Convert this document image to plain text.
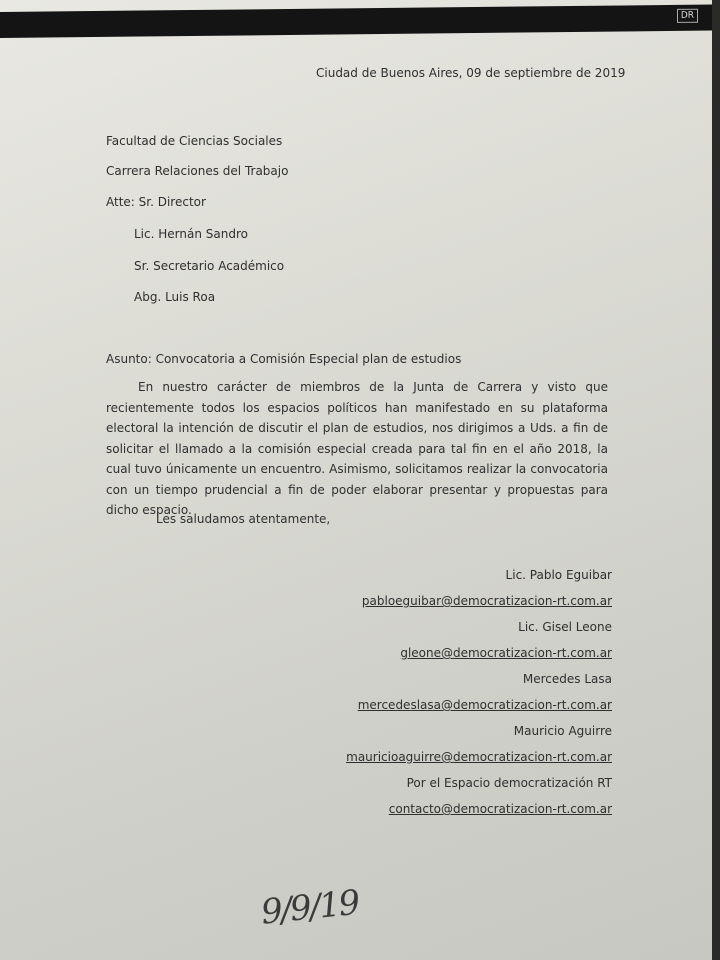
DR
Ciudad de Buenos Aires, 09 de septiembre de 2019
Facultad de Ciencias Sociales
Carrera Relaciones del Trabajo
Atte: Sr. Director
Lic. Hernán Sandro
Sr. Secretario Académico
Abg. Luis Roa
Asunto: Convocatoria a Comisión Especial plan de estudios
En nuestro carácter de miembros de la Junta de Carrera y visto que recientemente todos los espacios políticos han manifestado en su plataforma electoral la intención de discutir el plan de estudios, nos dirigimos a Uds. a fin de solicitar el llamado a la comisión especial creada para tal fin en el año 2018, la cual tuvo únicamente un encuentro. Asimismo, solicitamos realizar la convocatoria con un tiempo prudencial a fin de poder elaborar presentar y propuestas para dicho espacio.
Les saludamos atentamente,
Lic. Pablo Eguibar
pabloeguibar@democratizacion-rt.com.ar
Lic. Gisel Leone
gleone@democratizacion-rt.com.ar
Mercedes Lasa
mercedeslasa@democratizacion-rt.com.ar
Mauricio Aguirre
mauricioaguirre@democratizacion-rt.com.ar
Por el Espacio democratización RT
contacto@democratizacion-rt.com.ar
9/9/19
